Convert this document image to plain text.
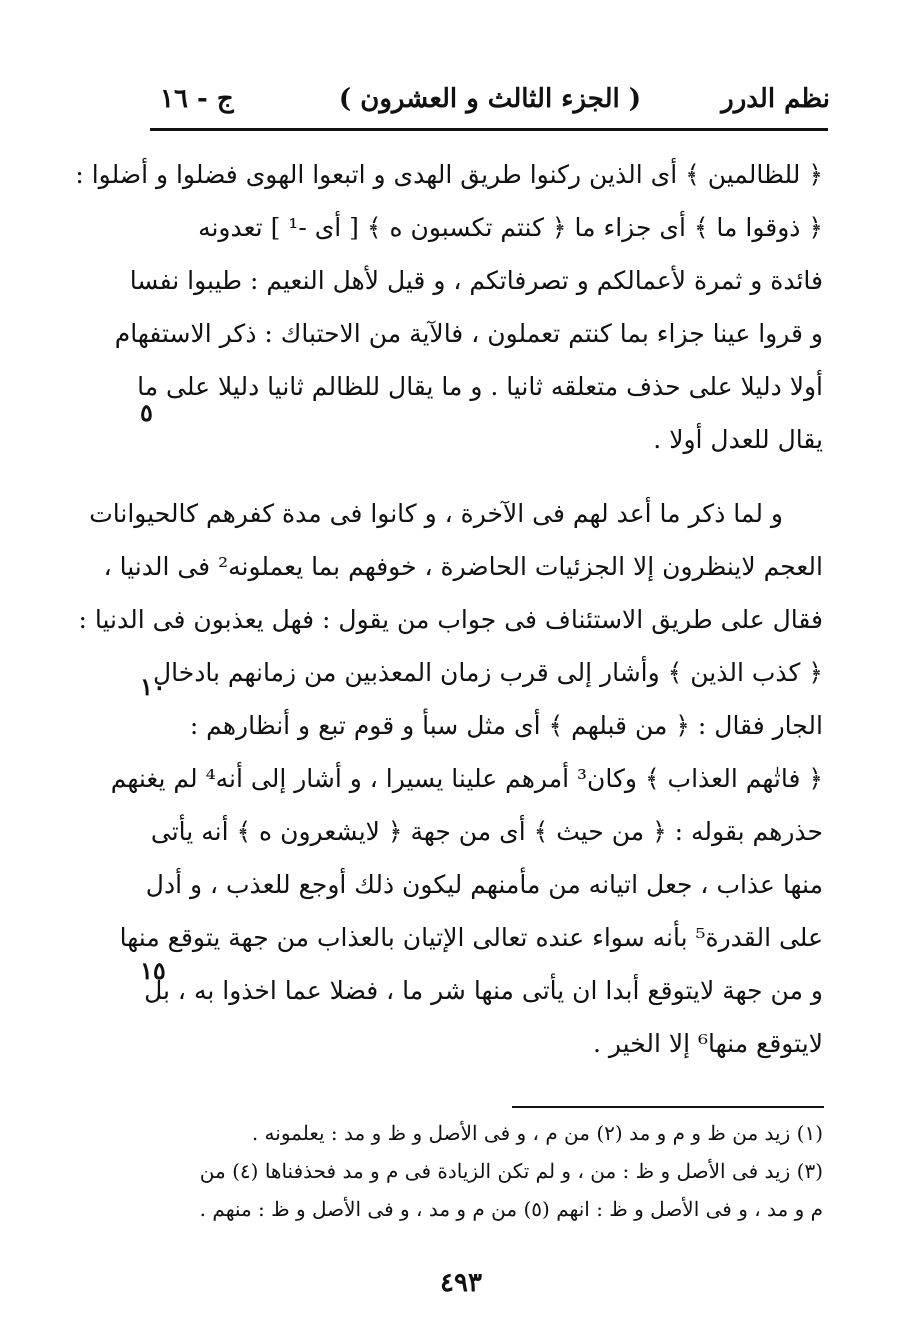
نظم الدرر
( الجزء الثالث و العشرون )
ج - ١٦
﴿ للظالمين ﴾ أى الذين ركنوا طريق الهدى و اتبعوا الهوى فضلوا و أضلوا :
﴿ ذوقوا ما ﴾ أى جزاء ما ﴿ كنتم تكسبون ه ﴾ [ أى -¹ ] تعدونه
فائدة و ثمرة لأعمالكم و تصرفاتكم ، و قيل لأهل النعيم : طيبوا نفسا
و قروا عينا جزاء بما كنتم تعملون ، فالآية من الاحتباك : ذكر الاستفهام
أولا دليلا على حذف متعلقه ثانيا . و ما يقال للظالم ثانيا دليلا على ما
يقال للعدل أولا .
و لما ذكر ما أعد لهم فى الآخرة ، و كانوا فى مدة كفرهم كالحيوانات
العجم لاينظرون إلا الجزئيات الحاضرة ، خوفهم بما يعملونه² فى الدنيا ،
فقال على طريق الاستئناف فى جواب من يقول : فهل يعذبون فى الدنيا :
﴿ كذب الذين ﴾ وأشار إلى قرب زمان المعذبين من زمانهم بادخال
الجار فقال : ﴿ من قبلهم ﴾ أى مثل سبأ و قوم تبع و أنظارهم :
﴿ فاتٰهم العذاب ﴾ وكان³ أمرهم علينا يسيرا ، و أشار إلى أنه⁴ لم يغنهم
حذرهم بقوله : ﴿ من حيث ﴾ أى من جهة ﴿ لايشعرون ه ﴾ أنه يأتى
منها عذاب ، جعل اتيانه من مأمنهم ليكون ذلك أوجع للعذب ، و أدل
على القدرة⁵ بأنه سواء عنده تعالى الإتيان بالعذاب من جهة يتوقع منها
و من جهة لايتوقع أبدا ان يأتى منها شر ما ، فضلا عما اخذوا به ، بل
لايتوقع منها⁶ إلا الخير .
٥
١٠
١٥
(١) زيد من ظ و م و مد (٢) من م ، و فى الأصل و ظ و مد : يعلمونه .
(٣) زيد فى الأصل و ظ : من ، و لم تكن الزيادة فى م و مد فحذفناها (٤) من
م و مد ، و فى الأصل و ظ : انهم (٥) من م و مد ، و فى الأصل و ظ : منهم .
٤٩٣
